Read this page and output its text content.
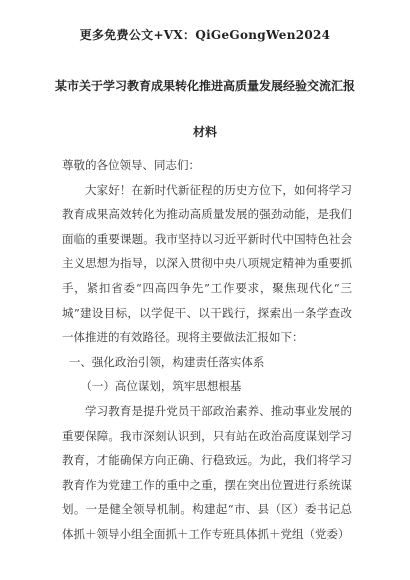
更多免费公文+VX：QiGeGongWen2024
某市关于学习教育成果转化推进高质量发展经验交流汇报
材料

尊敬的各位领导、同志们：

大家好！在新时代新征程的历史方位下，如何将学习教育成果高效转化为推动高质量发展的强劲动能，是我们面临的重要课题。我市坚持以习近平新时代中国特色社会主义思想为指导，以深入贯彻中央八项规定精神为重要抓手，紧扣省委“四高四争先”工作要求，聚焦现代化“三城”建设目标，以学促干、以干践行，探索出一条学查改一体推进的有效路径。现将主要做法汇报如下：

一、强化政治引领，构建责任落实体系

（一）高位谋划，筑牢思想根基

学习教育是提升党员干部政治素养、推动事业发展的重要保障。我市深刻认识到，只有站在政治高度谋划学习教育，才能确保方向正确、行稳致远。为此，我们将学习教育作为党建工作的重中之重，摆在突出位置进行系统谋划。一是健全领导机制。构建起“市、县（区）委书记总体抓＋领导小组全面抓＋工作专班具体抓＋党组（党委）
